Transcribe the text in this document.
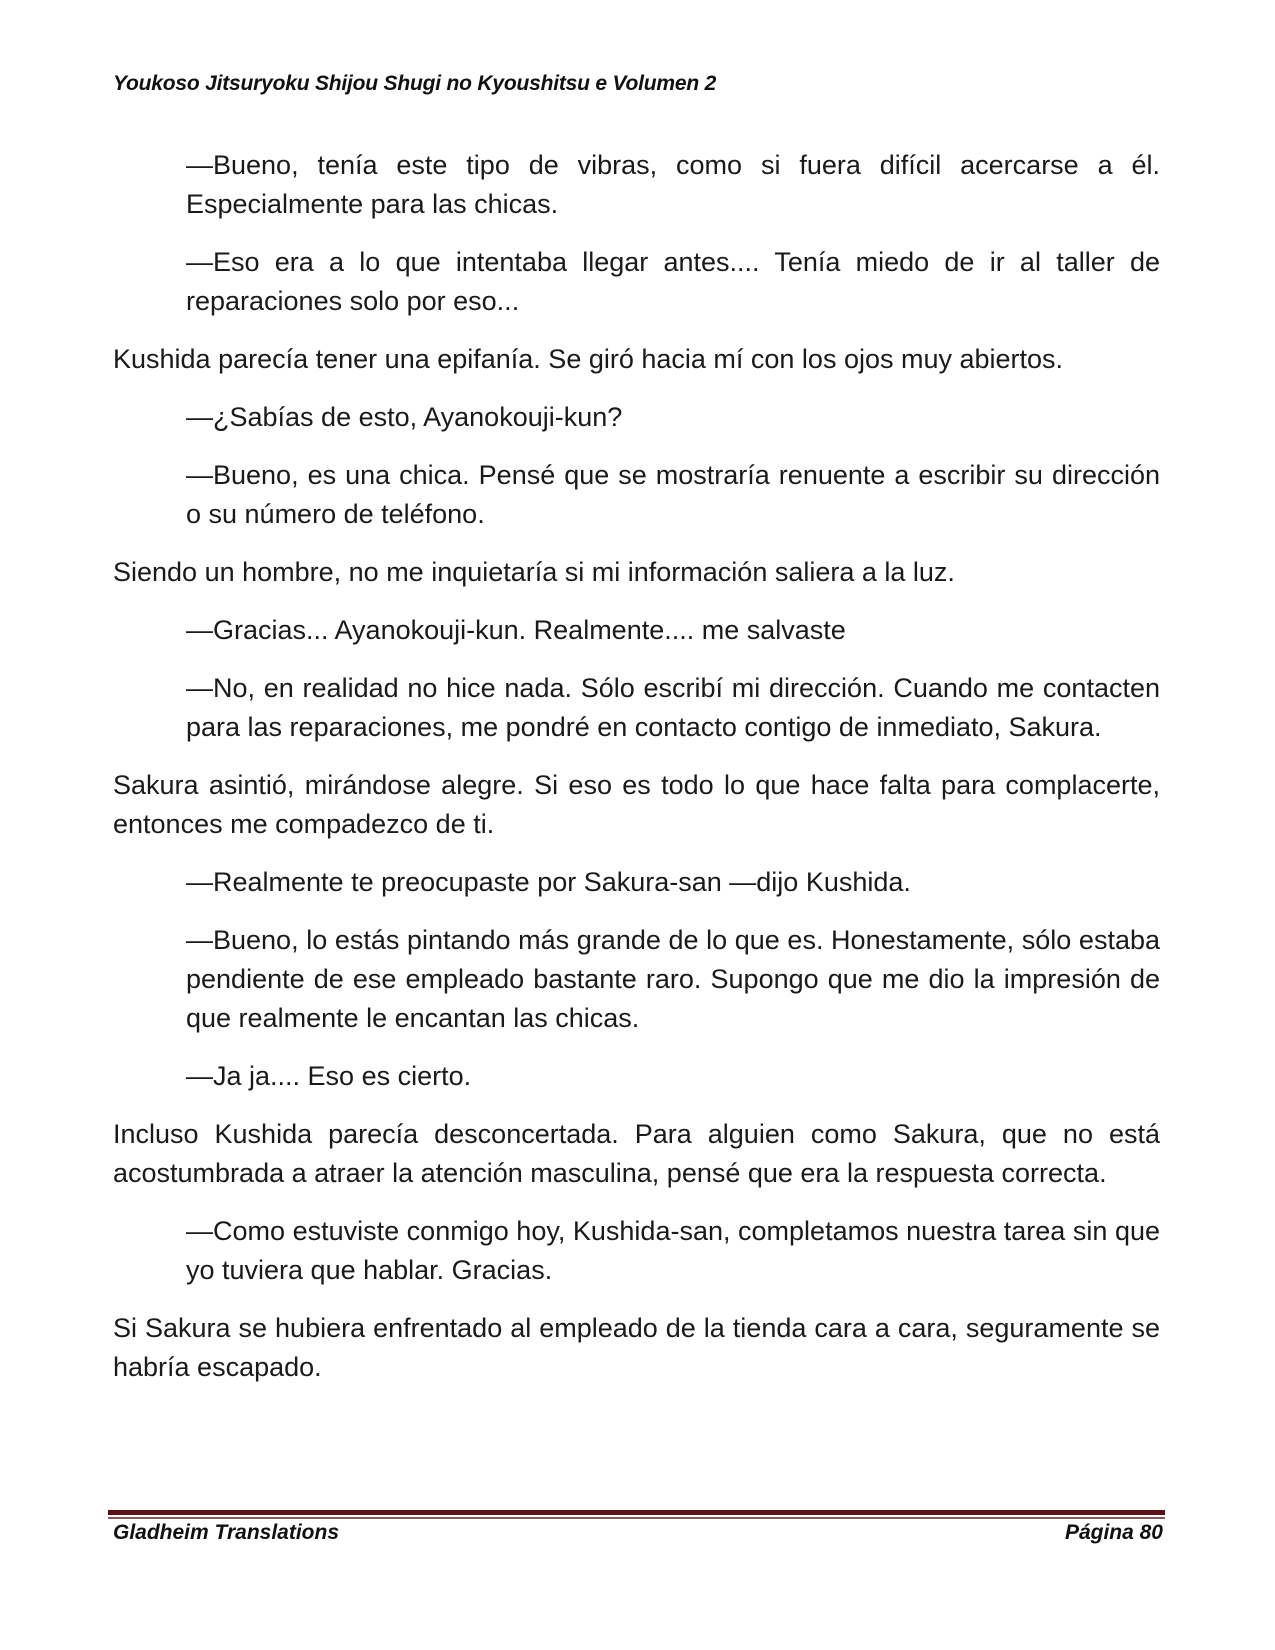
Youkoso Jitsuryoku Shijou Shugi no Kyoushitsu e Volumen 2

—Bueno, tenía este tipo de vibras, como si fuera difícil acercarse a él. Especialmente para las chicas.

—Eso era a lo que intentaba llegar antes.... Tenía miedo de ir al taller de reparaciones solo por eso...

Kushida parecía tener una epifanía. Se giró hacia mí con los ojos muy abiertos.

—¿Sabías de esto, Ayanokouji-kun?

—Bueno, es una chica. Pensé que se mostraría renuente a escribir su dirección o su número de teléfono.

Siendo un hombre, no me inquietaría si mi información saliera a la luz.

—Gracias... Ayanokouji-kun. Realmente.... me salvaste

—No, en realidad no hice nada. Sólo escribí mi dirección. Cuando me contacten para las reparaciones, me pondré en contacto contigo de inmediato, Sakura.

Sakura asintió, mirándose alegre. Si eso es todo lo que hace falta para complacerte, entonces me compadezco de ti.

—Realmente te preocupaste por Sakura-san —dijo Kushida.

—Bueno, lo estás pintando más grande de lo que es. Honestamente, sólo estaba pendiente de ese empleado bastante raro. Supongo que me dio la impresión de que realmente le encantan las chicas.

—Ja ja.... Eso es cierto.

Incluso Kushida parecía desconcertada. Para alguien como Sakura, que no está acostumbrada a atraer la atención masculina, pensé que era la respuesta correcta.

—Como estuviste conmigo hoy, Kushida-san, completamos nuestra tarea sin que yo tuviera que hablar. Gracias.

Si Sakura se hubiera enfrentado al empleado de la tienda cara a cara, seguramente se habría escapado.

Gladheim Translations	Página 80
